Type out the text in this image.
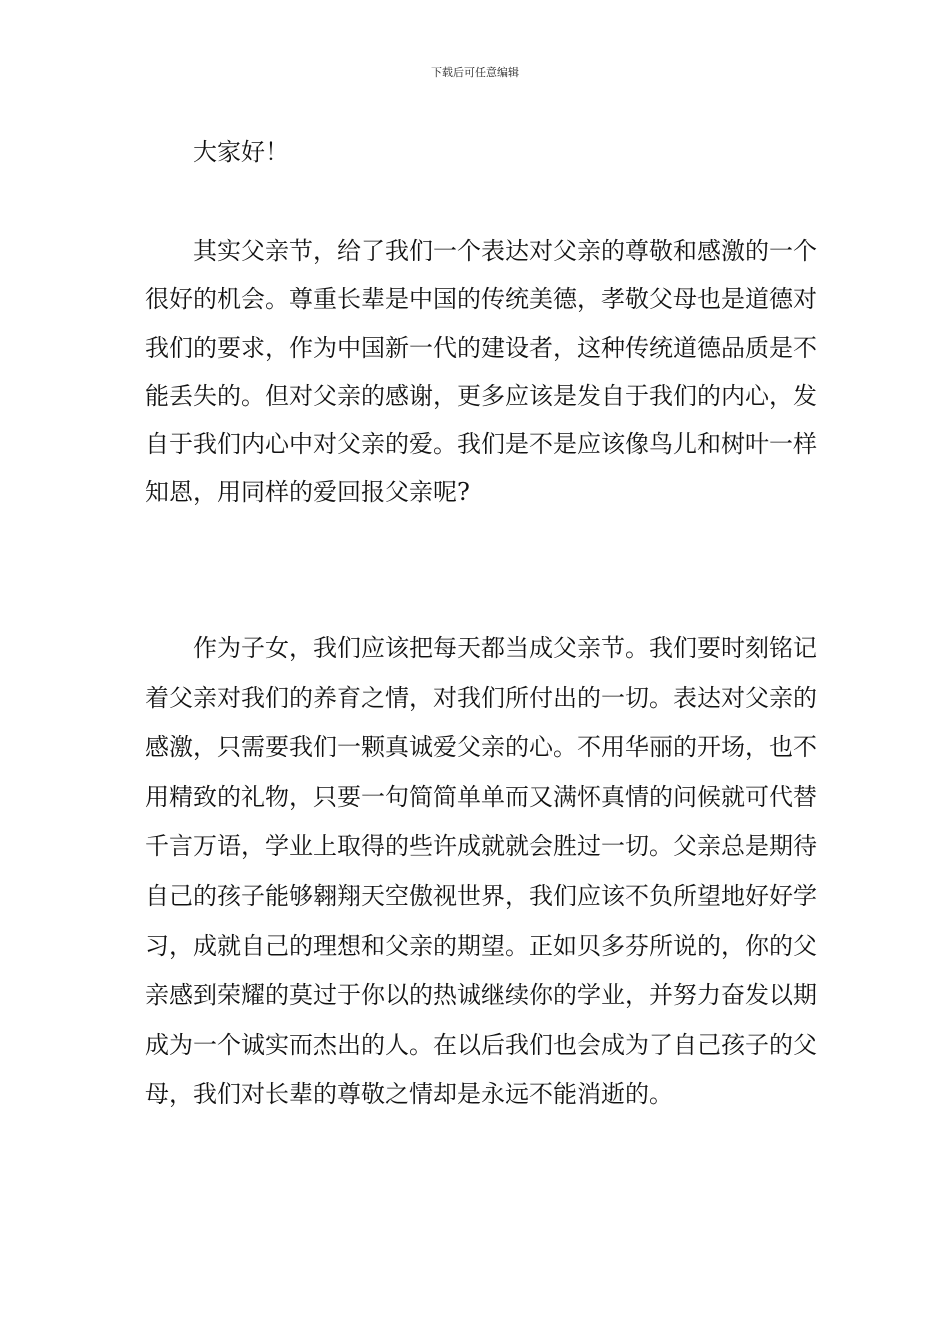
下载后可任意编辑
大家好！

其实父亲节，给了我们一个表达对父亲的尊敬和感激的一个很好的机会。尊重长辈是中国的传统美德，孝敬父母也是道德对我们的要求，作为中国新一代的建设者，这种传统道德品质是不能丢失的。但对父亲的感谢，更多应该是发自于我们的内心，发自于我们内心中对父亲的爱。我们是不是应该像鸟儿和树叶一样知恩，用同样的爱回报父亲呢?

作为子女，我们应该把每天都当成父亲节。我们要时刻铭记着父亲对我们的养育之情，对我们所付出的一切。表达对父亲的感激，只需要我们一颗真诚爱父亲的心。不用华丽的开场，也不用精致的礼物，只要一句简简单单而又满怀真情的问候就可代替千言万语，学业上取得的些许成就就会胜过一切。父亲总是期待自己的孩子能够翱翔天空傲视世界，我们应该不负所望地好好学习，成就自己的理想和父亲的期望。正如贝多芬所说的，你的父亲感到荣耀的莫过于你以的热诚继续你的学业，并努力奋发以期成为一个诚实而杰出的人。在以后我们也会成为了自己孩子的父母，我们对长辈的尊敬之情却是永远不能消逝的。
